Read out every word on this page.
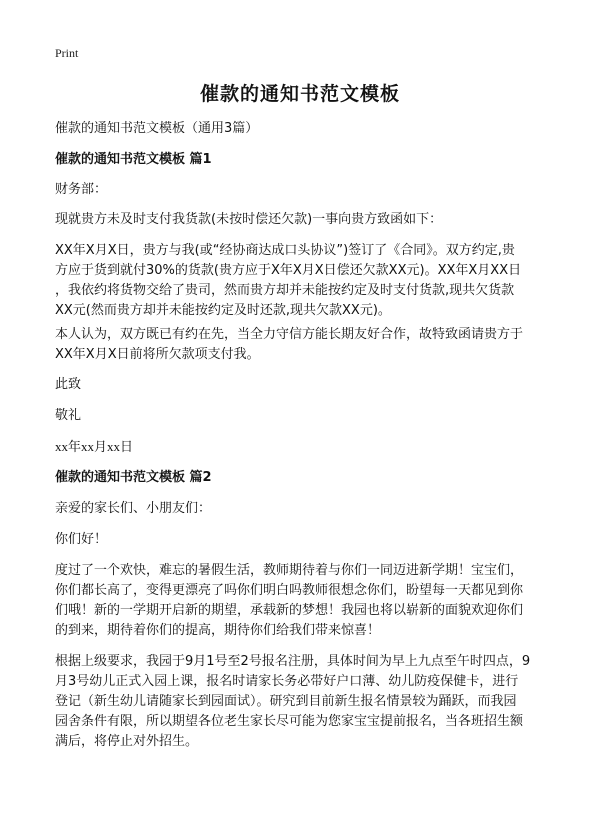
Print
催款的通知书范文模板

催款的通知书范文模板（通用3篇）

催款的通知书范文模板 篇1

财务部：

现就贵方未及时支付我货款(未按时偿还欠款)一事向贵方致函如下：

XX年X月X日，贵方与我(或“经协商达成口头协议”)签订了《合同》。双方约定,贵
方应于货到就付30%的货款(贵方应于X年X月X日偿还欠款XX元)。XX年X月XX日
，我依约将货物交给了贵司，然而贵方却并未能按约定及时支付货款,现共欠货款
XX元(然而贵方却并未能按约定及时还款,现共欠款XX元)。
本人认为，双方既已有约在先，当全力守信方能长期友好合作，故特致函请贵方于
XX年X月X日前将所欠款项支付我。

此致

敬礼

xx年xx月xx日

催款的通知书范文模板 篇2

亲爱的家长们、小朋友们：

你们好！

度过了一个欢快，难忘的暑假生活，教师期待着与你们一同迈进新学期！宝宝们，
你们都长高了，变得更漂亮了吗你们明白吗教师很想念你们，盼望每一天都见到你
们哦！新的一学期开启新的期望，承载新的梦想！我园也将以崭新的面貌欢迎你们
的到来，期待着你们的提高，期待你们给我们带来惊喜！
根据上级要求，我园于9月1号至2号报名注册，具体时间为早上九点至午时四点，9
月3号幼儿正式入园上课，报名时请家长务必带好户口薄、幼儿防疫保健卡，进行
登记（新生幼儿请随家长到园面试）。研究到目前新生报名情景较为踊跃，而我园
园舍条件有限，所以期望各位老生家长尽可能为您家宝宝提前报名，当各班招生额
满后，将停止对外招生。
